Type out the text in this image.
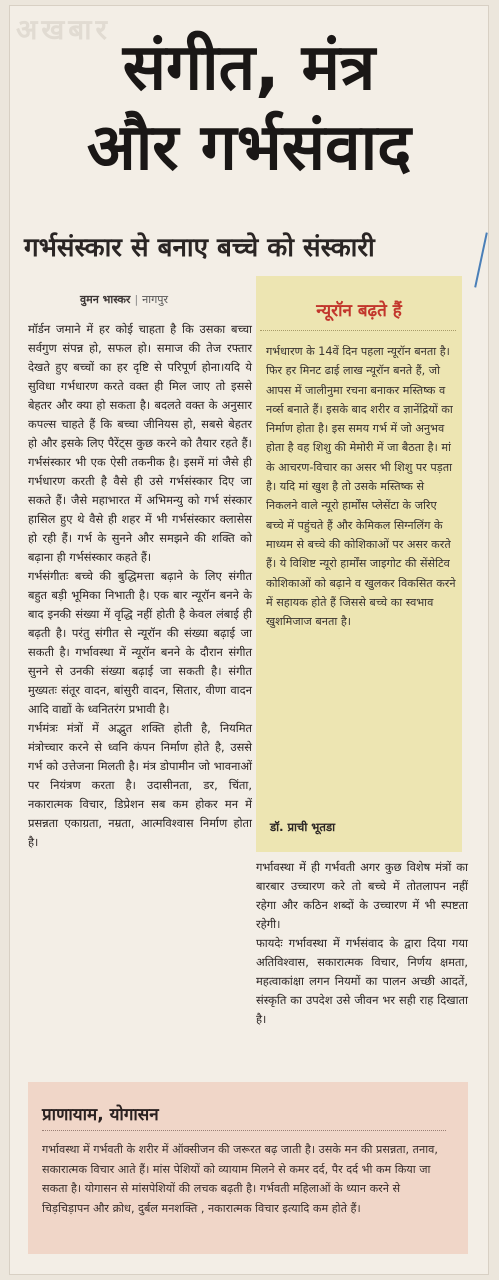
अखबार
संगीत, मंत्र
और गर्भसंवाद
गर्भसंस्कार से बनाए बच्चे को संस्कारी
वुमन भास्कर | नागपुर

मॉर्डन जमाने में हर कोई चाहता है कि उसका बच्चा सर्वगुण संपन्न हो, सफल हो। समाज की तेज रफ्तार देखते हुए बच्चों का हर दृष्टि से परिपूर्ण होना।यदि ये सुविधा गर्भधारण करते वक्त ही मिल जाए तो इससे बेहतर और क्या हो सकता है। बदलते वक्त के अनुसार कपल्स चाहते हैं कि बच्चा जीनियस हो, सबसे बेहतर हो और इसके लिए पैरेंट्स कुछ करने को तैयार रहते हैं। गर्भसंस्कार भी एक ऐसी तकनीक है। इसमें मां जैसे ही गर्भधारण करती है वैसे ही उसे गर्भसंस्कार दिए जा सकते हैं। जैसे महाभारत में अभिमन्यु को गर्भ संस्कार हासिल हुए थे वैसे ही शहर में भी गर्भसंस्कार क्लासेस हो रही हैं। गर्भ के सुनने और समझने की शक्ति को बढ़ाना ही गर्भसंस्कार कहते हैं।

गर्भसंगीतः बच्चे की बुद्धिमत्ता बढ़ाने के लिए संगीत बहुत बड़ी भूमिका निभाती है। एक बार न्यूरॉन बनने के बाद इनकी संख्या में वृद्धि नहीं होती है केवल लंबाई ही बढ़ती है। परंतु संगीत से न्यूरॉन की संख्या बढ़ाई जा सकती है। गर्भावस्था में न्यूरॉन बनने के दौरान संगीत सुनने से उनकी संख्या बढ़ाई जा सकती है। संगीत मुख्यतः संतूर वादन, बांसुरी वादन, सितार, वीणा वादन आदि वाद्यों के ध्वनितरंग प्रभावी है।

गर्भमंत्रः मंत्रों में अद्भुत शक्ति होती है, नियमित मंत्रोच्चार करने से ध्वनि कंपन निर्माण होते है, उससे गर्भ को उत्तेजना मिलती है। मंत्र डोपामीन जो भावनाओं पर नियंत्रण करता है। उदासीनता, डर, चिंता, नकारात्मक विचार, डिप्रेशन सब कम होकर मन में प्रसन्नता एकाग्रता, नम्रता, आत्मविश्वास निर्माण होता है।

न्यूरॉन बढ़ते हैं
गर्भधारण के 14वें दिन पहला न्यूरॉन बनता है। फिर हर मिनट ढाई लाख न्यूरॉन बनते हैं, जो आपस में जालीनुमा रचना बनाकर मस्तिष्क व नर्व्स बनाते हैं। इसके बाद शरीर व ज्ञानेंद्रियों का निर्माण होता है। इस समय गर्भ में जो अनुभव होता है वह शिशु की मेमोरी में जा बैठता है। मां के आचरण-विचार का असर भी शिशु पर पड़ता है। यदि मां खुश है तो उसके मस्तिष्क से निकलने वाले न्यूरो हार्मोंस प्लेसेंटा के जरिए बच्चे में पहुंचते हैं और केमिकल सिग्नलिंग के माध्यम से बच्चे की कोशिकाओं पर असर करते हैं। ये विशिष्ट न्यूरो हार्मोंस जाइगोट की सेंसेटिव कोशिकाओं को बढ़ाने व खुलकर विकसित करने में सहायक होते हैं जिससे बच्चे का स्वभाव खुशमिजाज बनता है।
डॉ. प्राची भूतडा

गर्भावस्था में ही गर्भवती अगर कुछ विशेष मंत्रों का बारबार उच्चारण करे तो बच्चे में तोतलापन नहीं रहेगा और कठिन शब्दों के उच्चारण में भी स्पष्टता रहेगी।

फायदेः गर्भावस्था में गर्भसंवाद के द्वारा दिया गया अतिविश्वास, सकारात्मक विचार, निर्णय क्षमता, महत्वाकांक्षा लगन नियमों का पालन अच्छी आदतें, संस्कृति का उपदेश उसे जीवन भर सही राह दिखाता है।

प्राणायाम, योगासन
गर्भावस्था में गर्भवती के शरीर में ऑक्सीजन की जरूरत बढ़ जाती है। उसके मन की प्रसन्नता, तनाव, सकारात्मक विचार आते हैं। मांस पेशियों को व्यायाम मिलने से कमर दर्द, पैर दर्द भी कम किया जा सकता है। योगासन से मांसपेशियों की लचक बढ़ती है। गर्भवती महिलाओं के ध्यान करने से चिड़चिड़ापन और क्रोध, दुर्बल मनशक्ति , नकारात्मक विचार इत्यादि कम होते हैं।
